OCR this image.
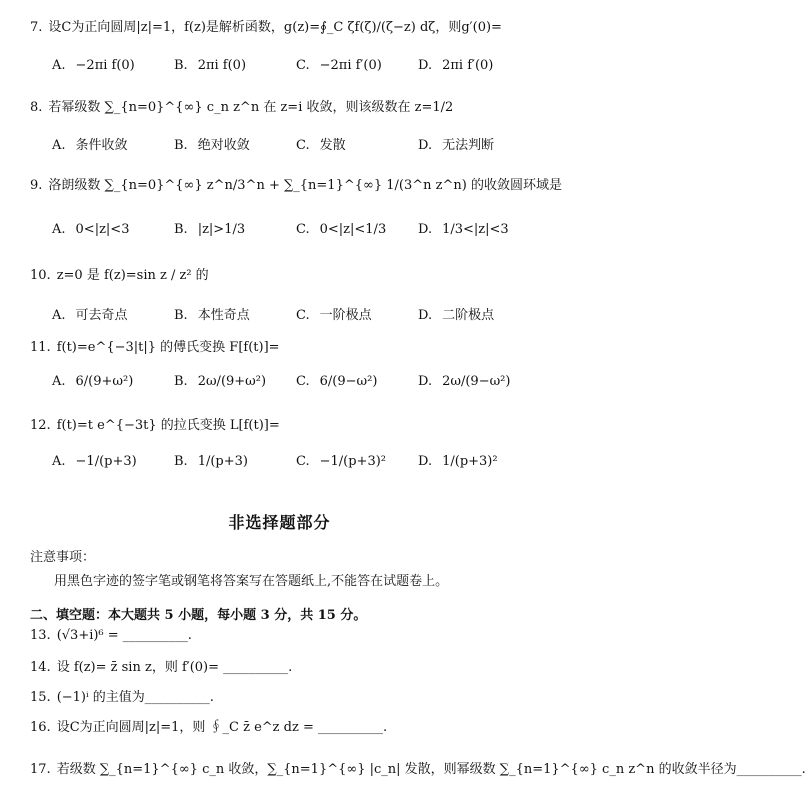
7. 设C为正向圆周|z|=1，f(z)是解析函数，g(z)=∮_C ζf(ζ)/(ζ−z) dζ，则g′(0)=
A. −2πi f(0)	B. 2πi f(0)	C. −2πi f′(0)	D. 2πi f′(0)
8. 若幂级数 ∑_{n=0}^{∞} c_n z^n 在 z=i 收敛，则该级数在 z=1/2
A. 条件收敛	B. 绝对收敛	C. 发散	D. 无法判断
9. 洛朗级数 ∑_{n=0}^{∞} z^n/3^n + ∑_{n=1}^{∞} 1/(3^n z^n) 的收敛圆环域是
A. 0<|z|<3	B. |z|>1/3	C. 0<|z|<1/3 D. 1/3<|z|<3
10. z=0 是 f(z)=sin z / z² 的
A. 可去奇点	B. 本性奇点	C. 一阶极点	D. 二阶极点
11. f(t)=e^{−3|t|} 的傅氏变换 F[f(t)]=
A. 6/(9+ω²)	B. 2ω/(9+ω²) C. 6/(9−ω²)	D. 2ω/(9−ω²)
12. f(t)=t e^{−3t} 的拉氏变换 L[f(t)]=
A. −1/(p+3)	B. 1/(p+3)	C. −1/(p+3)² D. 1/(p+3)²
非选择题部分
注意事项：
用黑色字迹的签字笔或钢笔将答案写在答题纸上,不能答在试题卷上。
二、填空题：本大题共 5 小题，每小题 3 分，共 15 分。
13. (√3+i)⁶ = __________.
14. 设 f(z)= z̄ sin z，则 f′(0)= __________.
15. (−1)ⁱ 的主值为__________.
16. 设C为正向圆周|z|=1，则 ∮_C z̄ e^z dz = __________.
17. 若级数 ∑_{n=1}^{∞} c_n 收敛，∑_{n=1}^{∞} |c_n| 发散，则幂级数 ∑_{n=1}^{∞} c_n z^n 的收敛半径为__________.
